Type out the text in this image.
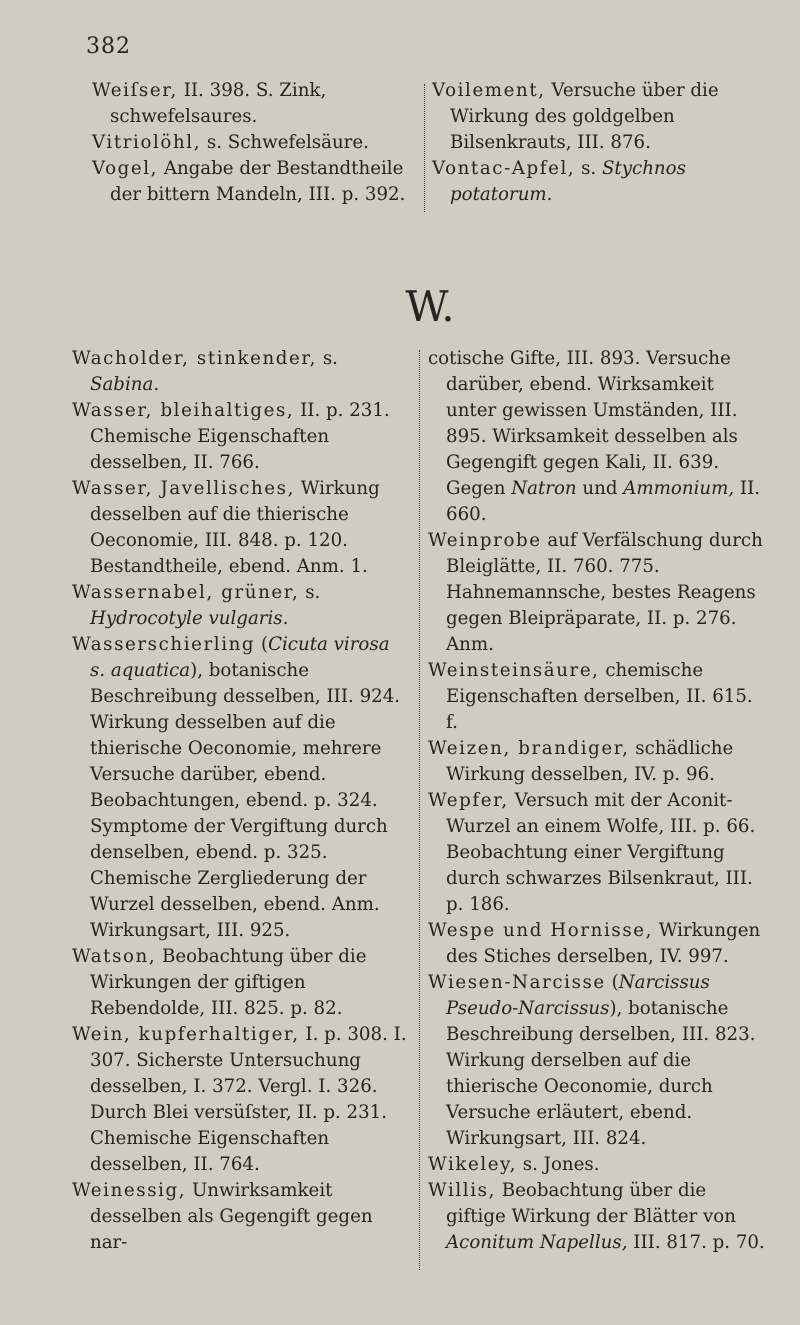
382

Weiſser, II. 398. S. Zink, schwefelsaures.

Vitriolöhl, s. Schwefelsäure.

Vogel, Angabe der Bestandtheile der bittern Mandeln, III. p. 392.

Voilement, Versuche über die Wirkung des goldgelben Bilsenkrauts, III. 876.

Vontac-Apfel, s. Stychnos potatorum.

W.

Wacholder, stinkender, s. Sabina.

Wasser, bleihaltiges, II. p. 231. Chemische Eigenschaften desselben, II. 766.

Wasser, Javellisches, Wirkung desselben auf die thierische Oeconomie, III. 848. p. 120. Bestandtheile, ebend. Anm. 1.

Wassernabel, grüner, s. Hydrocotyle vulgaris.

Wasserschierling (Cicuta virosa s. aquatica), botanische Beschreibung desselben, III. 924. Wirkung desselben auf die thierische Oeconomie, mehrere Versuche darüber, ebend. Beobachtungen, ebend. p. 324. Symptome der Vergiftung durch denselben, ebend. p. 325. Chemische Zergliederung der Wurzel desselben, ebend. Anm. Wirkungsart, III. 925.

Watson, Beobachtung über die Wirkungen der giftigen Rebendolde, III. 825. p. 82.

Wein, kupferhaltiger, I. p. 308. I. 307. Sicherste Untersuchung desselben, I. 372. Vergl. I. 326. Durch Blei versüſster, II. p. 231. Chemische Eigenschaften desselben, II. 764.

Weinessig, Unwirksamkeit desselben als Gegengift gegen nar-

cotische Gifte, III. 893. Versuche darüber, ebend. Wirksamkeit unter gewissen Umständen, III. 895. Wirksamkeit desselben als Gegengift gegen Kali, II. 639. Gegen Natron und Ammonium, II. 660.

Weinprobe auf Verfälschung durch Bleiglätte, II. 760. 775. Hahnemannsche, bestes Reagens gegen Bleipräparate, II. p. 276. Anm.

Weinsteinsäure, chemische Eigenschaften derselben, II. 615. f.

Weizen, brandiger, schädliche Wirkung desselben, IV. p. 96.

Wepfer, Versuch mit der Aconit-Wurzel an einem Wolfe, III. p. 66. Beobachtung einer Vergiftung durch schwarzes Bilsenkraut, III. p. 186.

Wespe und Hornisse, Wirkungen des Stiches derselben, IV. 997.

Wiesen-Narcisse (Narcissus Pseudo-Narcissus), botanische Beschreibung derselben, III. 823. Wirkung derselben auf die thierische Oeconomie, durch Versuche erläutert, ebend. Wirkungsart, III. 824.

Wikeley, s. Jones.

Willis, Beobachtung über die giftige Wirkung der Blätter von Aconitum Napellus, III. 817. p. 70.
